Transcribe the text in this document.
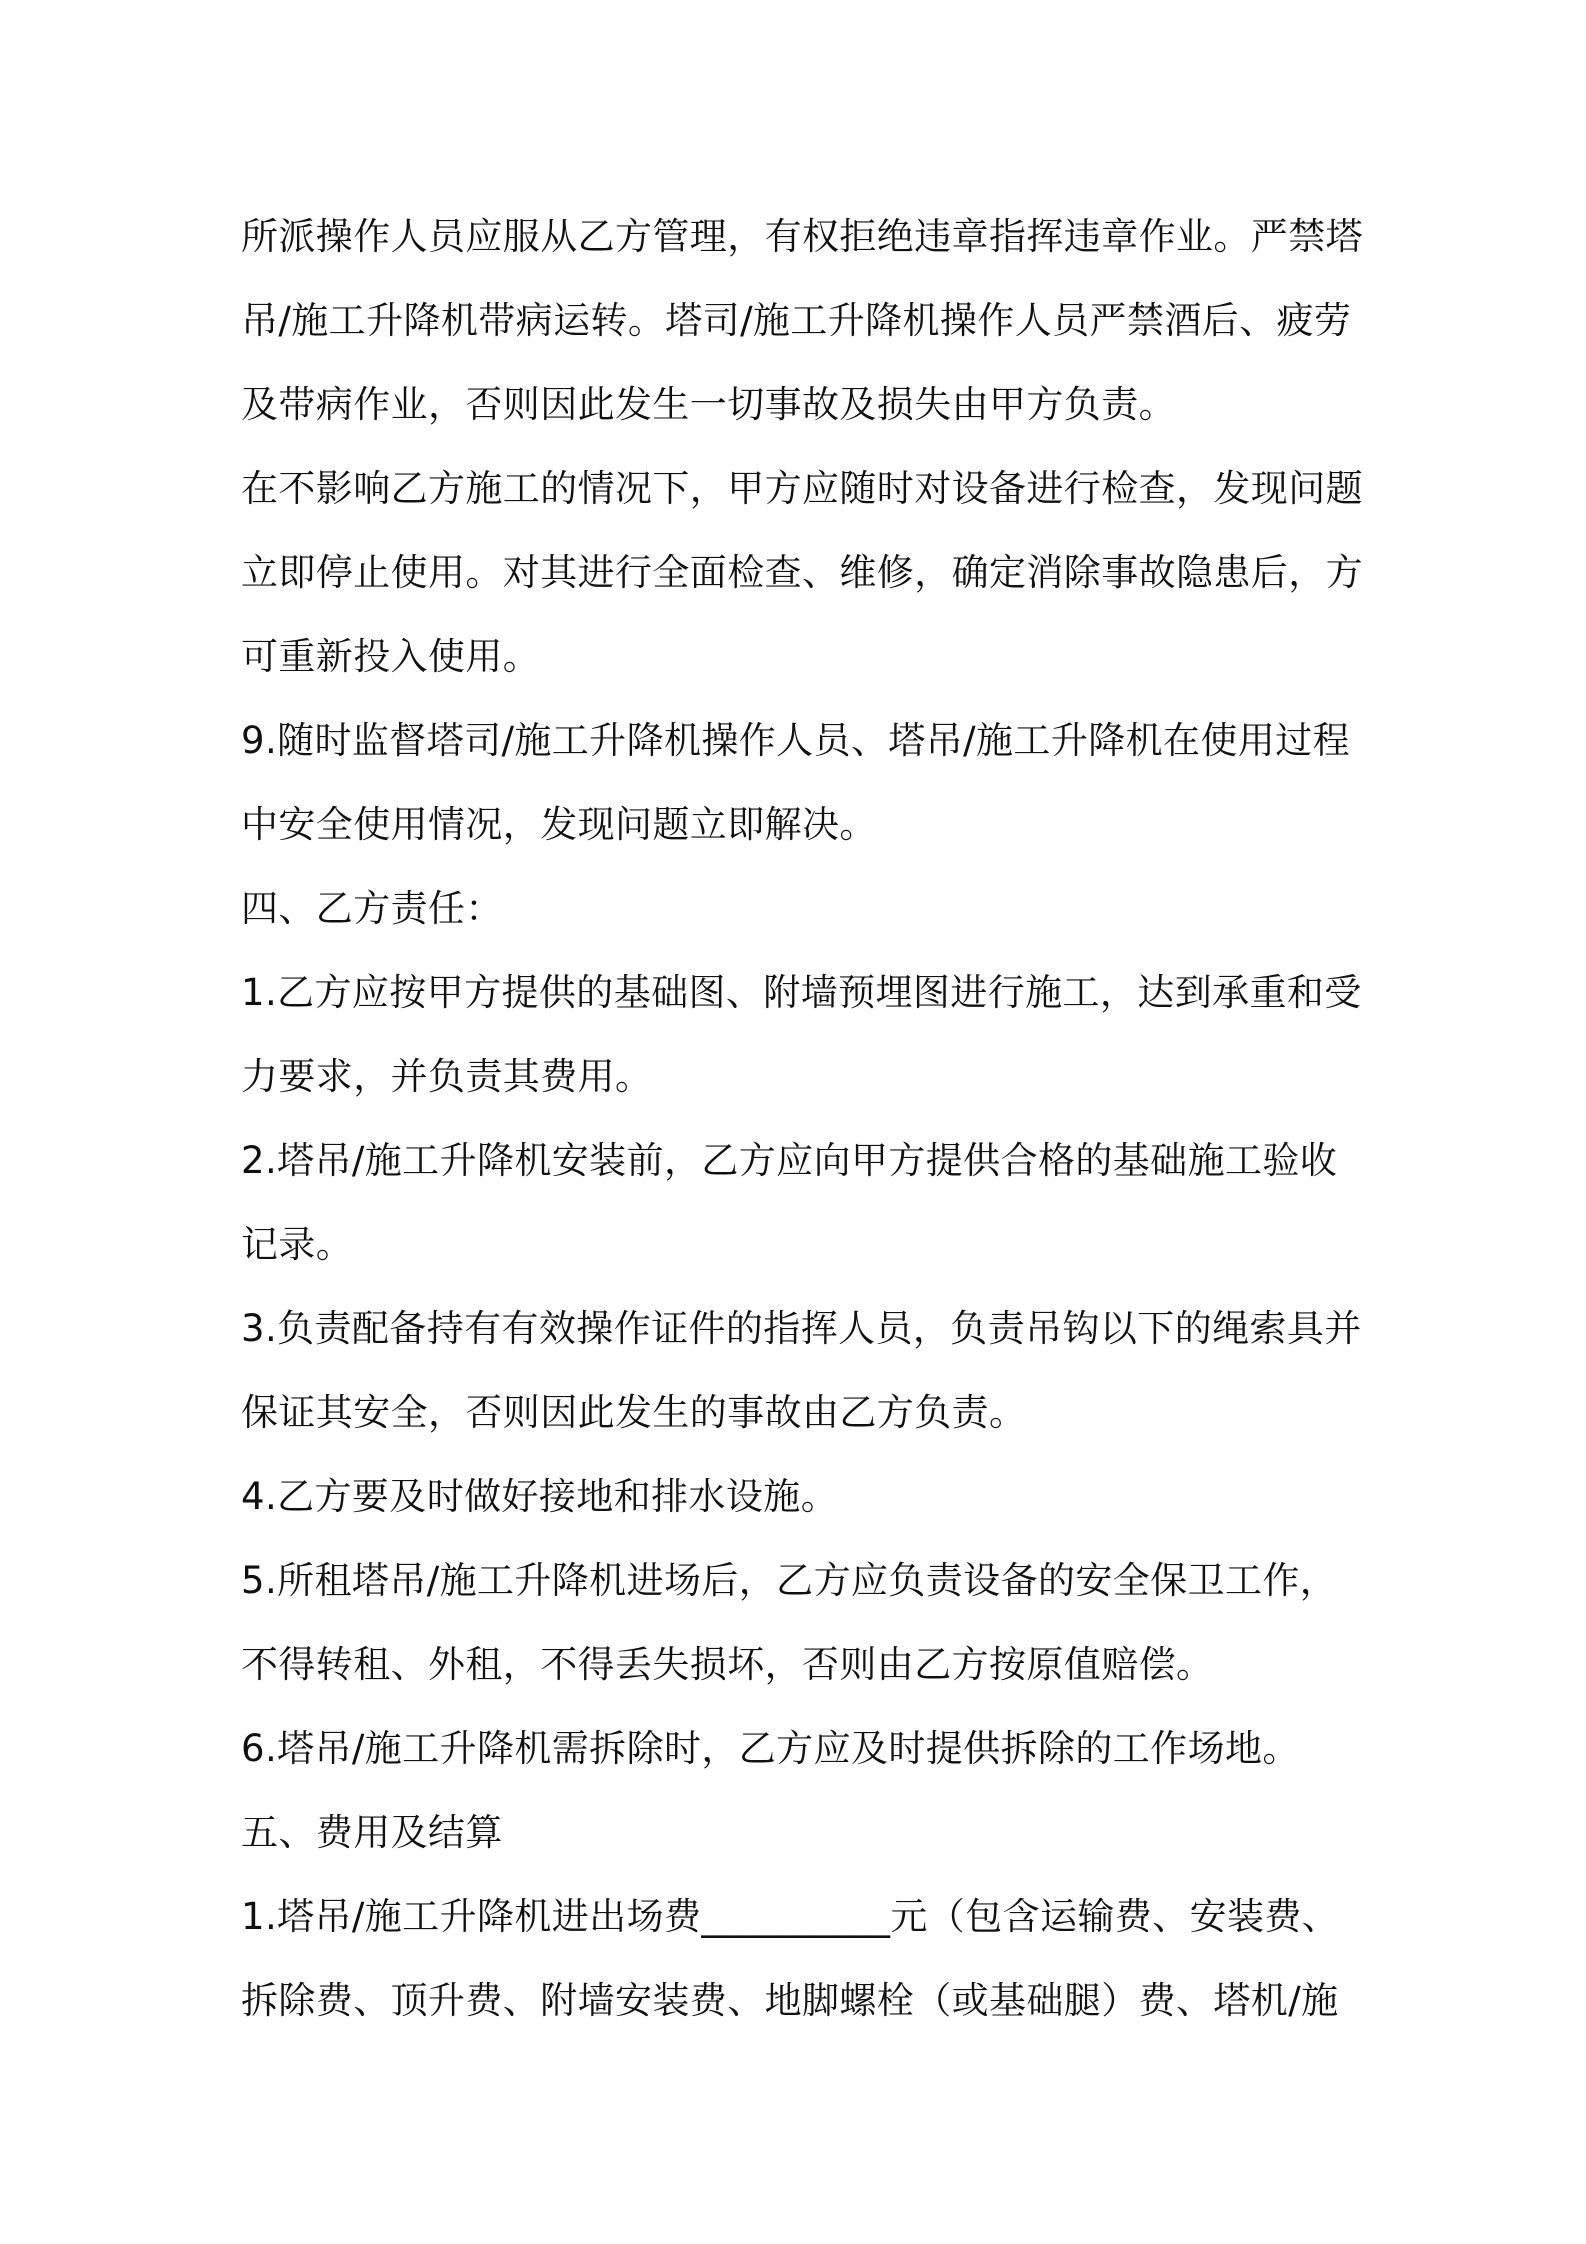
所派操作人员应服从乙方管理，有权拒绝违章指挥违章作业。严禁塔
吊/施工升降机带病运转。塔司/施工升降机操作人员严禁酒后、疲劳
及带病作业，否则因此发生一切事故及损失由甲方负责。
在不影响乙方施工的情况下，甲方应随时对设备进行检查，发现问题
立即停止使用。对其进行全面检查、维修，确定消除事故隐患后，方
可重新投入使用。
9.随时监督塔司/施工升降机操作人员、塔吊/施工升降机在使用过程
中安全使用情况，发现问题立即解决。
四、乙方责任：
1.乙方应按甲方提供的基础图、附墙预埋图进行施工，达到承重和受
力要求，并负责其费用。
2.塔吊/施工升降机安装前，乙方应向甲方提供合格的基础施工验收
记录。
3.负责配备持有有效操作证件的指挥人员，负责吊钩以下的绳索具并
保证其安全，否则因此发生的事故由乙方负责。
4.乙方要及时做好接地和排水设施。
5.所租塔吊/施工升降机进场后，乙方应负责设备的安全保卫工作，
不得转租、外租，不得丢失损坏，否则由乙方按原值赔偿。
6.塔吊/施工升降机需拆除时，乙方应及时提供拆除的工作场地。
五、费用及结算
1.塔吊/施工升降机进出场费__________元（包含运输费、安装费、
拆除费、顶升费、附墙安装费、地脚螺栓（或基础腿）费、塔机/施
